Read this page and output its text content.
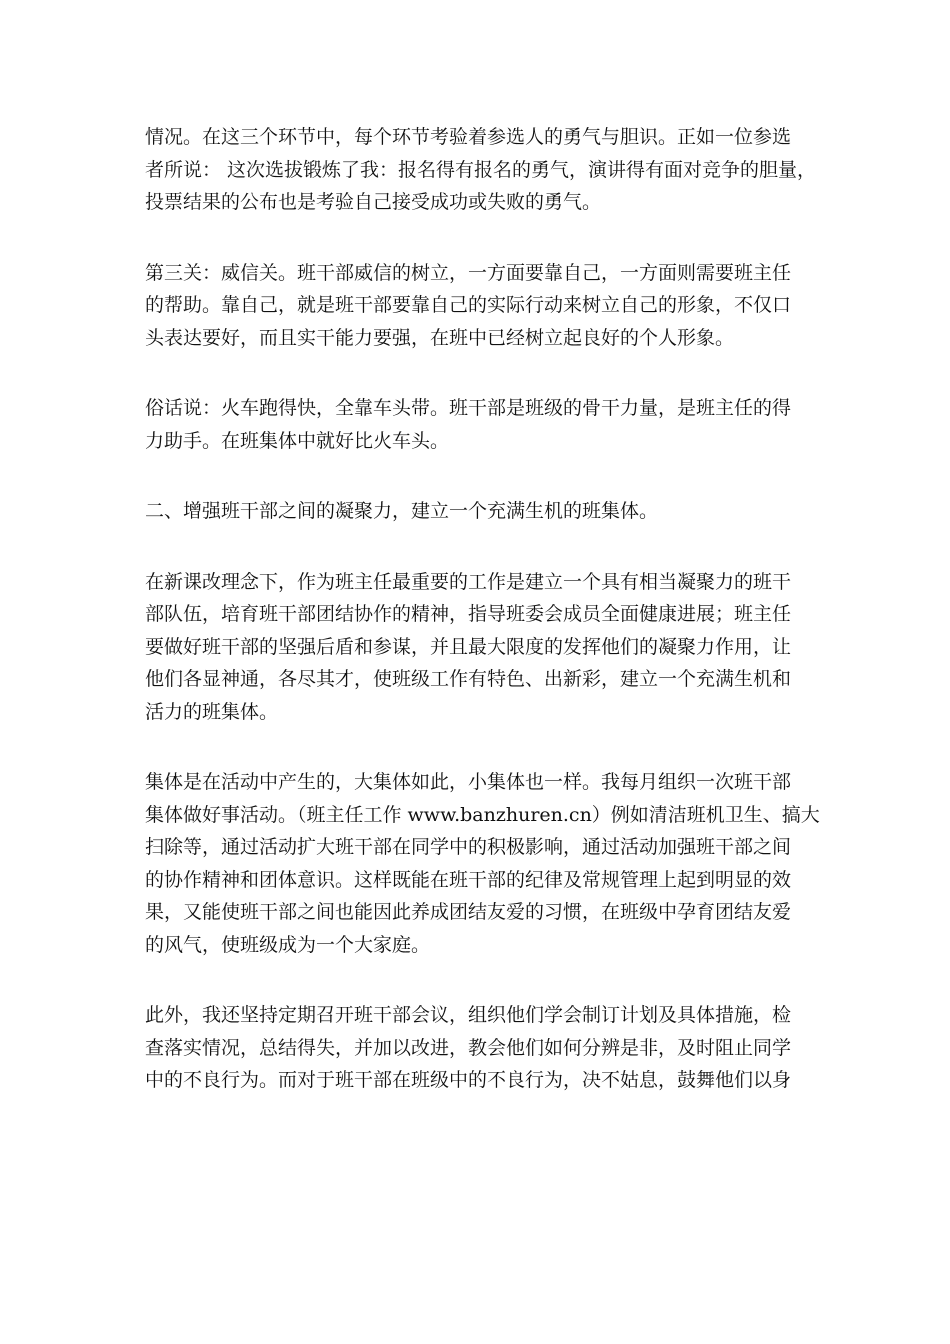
情况。在这三个环节中，每个环节考验着参选人的勇气与胆识。正如一位参选
者所说： 这次选拔锻炼了我：报名得有报名的勇气，演讲得有面对竞争的胆量，
投票结果的公布也是考验自己接受成功或失败的勇气。

第三关：威信关。班干部威信的树立，一方面要靠自己，一方面则需要班主任
的帮助。靠自己，就是班干部要靠自己的实际行动来树立自己的形象，不仅口
头表达要好，而且实干能力要强，在班中已经树立起良好的个人形象。

俗话说：火车跑得快，全靠车头带。班干部是班级的骨干力量，是班主任的得
力助手。在班集体中就好比火车头。

二、增强班干部之间的凝聚力，建立一个充满生机的班集体。

在新课改理念下，作为班主任最重要的工作是建立一个具有相当凝聚力的班干
部队伍，培育班干部团结协作的精神，指导班委会成员全面健康进展；班主任
要做好班干部的坚强后盾和参谋，并且最大限度的发挥他们的凝聚力作用，让
他们各显神通，各尽其才，使班级工作有特色、出新彩，建立一个充满生机和
活力的班集体。

集体是在活动中产生的，大集体如此，小集体也一样。我每月组织一次班干部
集体做好事活动。（班主任工作 www.banzhuren.cn）例如清洁班机卫生、搞大
扫除等，通过活动扩大班干部在同学中的积极影响，通过活动加强班干部之间
的协作精神和团体意识。这样既能在班干部的纪律及常规管理上起到明显的效
果，又能使班干部之间也能因此养成团结友爱的习惯，在班级中孕育团结友爱
的风气，使班级成为一个大家庭。

此外，我还坚持定期召开班干部会议，组织他们学会制订计划及具体措施，检
查落实情况，总结得失，并加以改进，教会他们如何分辨是非，及时阻止同学
中的不良行为。而对于班干部在班级中的不良行为，决不姑息，鼓舞他们以身
